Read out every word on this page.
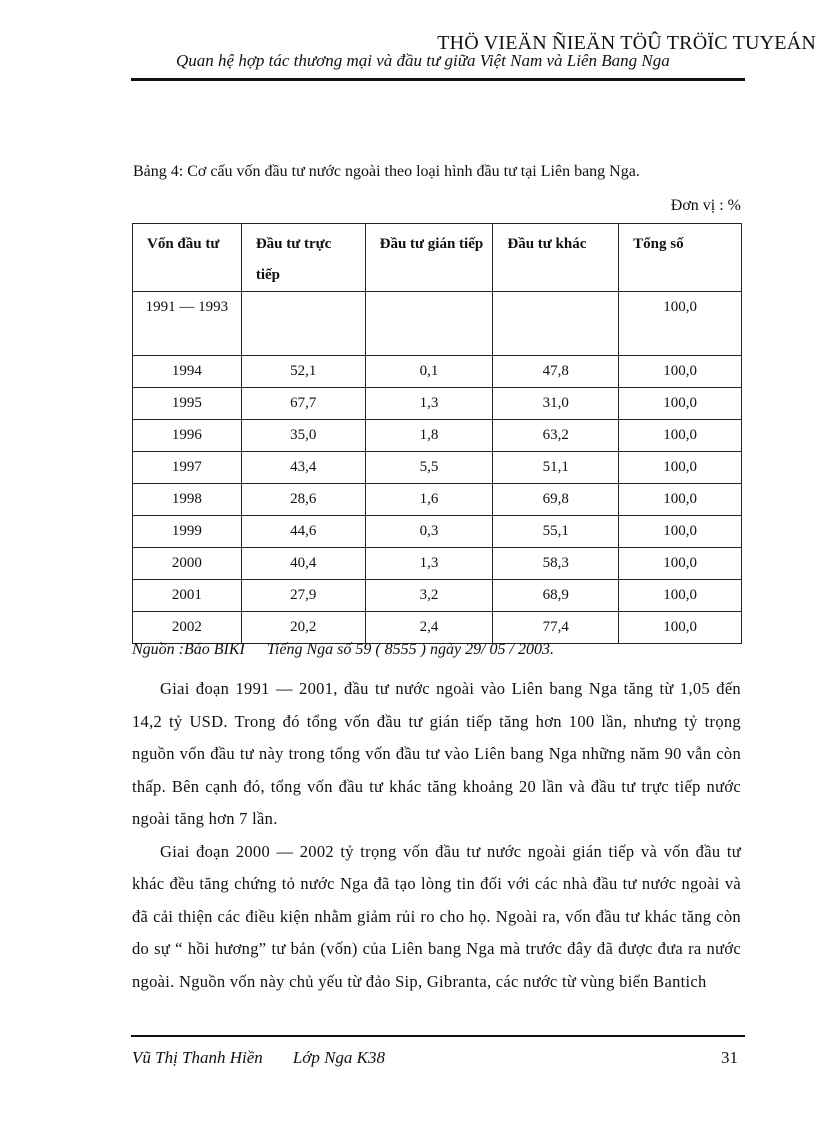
THÖ VIEÄN ÑIEÄN TÖÛ TRÖÏC TUYEÁN
Quan hệ hợp tác thương mại và đầu tư giữa Việt Nam và Liên Bang Nga
Bảng 4: Cơ cấu vốn đầu tư nước ngoài theo loại hình đầu tư tại Liên bang Nga.
Đơn vị : %
Vốn đầu tư	Đầu tư trực tiếp	Đầu tư gián tiếp	Đầu tư khác	Tổng số
1991 — 1993				100,0
1994	52,1	0,1	47,8	100,0
1995	67,7	1,3	31,0	100,0
1996	35,0	1,8	63,2	100,0
1997	43,4	5,5	51,1	100,0
1998	28,6	1,6	69,8	100,0
1999	44,6	0,3	55,1	100,0
2000	40,4	1,3	58,3	100,0
2001	27,9	3,2	68,9	100,0
2002	20,2	2,4	77,4	100,0
Nguồn :Báo BIKI Tiếng Nga số 59 ( 8555 ) ngày 29/ 05 / 2003.

Giai đoạn 1991 — 2001, đầu tư nước ngoài vào Liên bang Nga tăng từ 1,05 đến 14,2 tỷ USD. Trong đó tổng vốn đầu tư gián tiếp tăng hơn 100 lần, nhưng tỷ trọng nguồn vốn đầu tư này trong tổng vốn đầu tư vào Liên bang Nga những năm 90 vẫn còn thấp. Bên cạnh đó, tổng vốn đầu tư khác tăng khoảng 20 lần và đầu tư trực tiếp nước ngoài tăng hơn 7 lần.

Giai đoạn 2000 — 2002 tỷ trọng vốn đầu tư nước ngoài gián tiếp và vốn đầu tư khác đều tăng chứng tỏ nước Nga đã tạo lòng tin đối với các nhà đầu tư nước ngoài và đã cải thiện các điều kiện nhằm giảm rủi ro cho họ. Ngoài ra, vốn đầu tư khác tăng còn do sự “ hồi hương” tư bản (vốn) của Liên bang Nga mà trước đây đã được đưa ra nước ngoài. Nguồn vốn này chủ yếu từ đảo Sip, Gibranta, các nước từ vùng biển Bantich

Vũ Thị Thanh Hiền Lớp Nga K38	31
